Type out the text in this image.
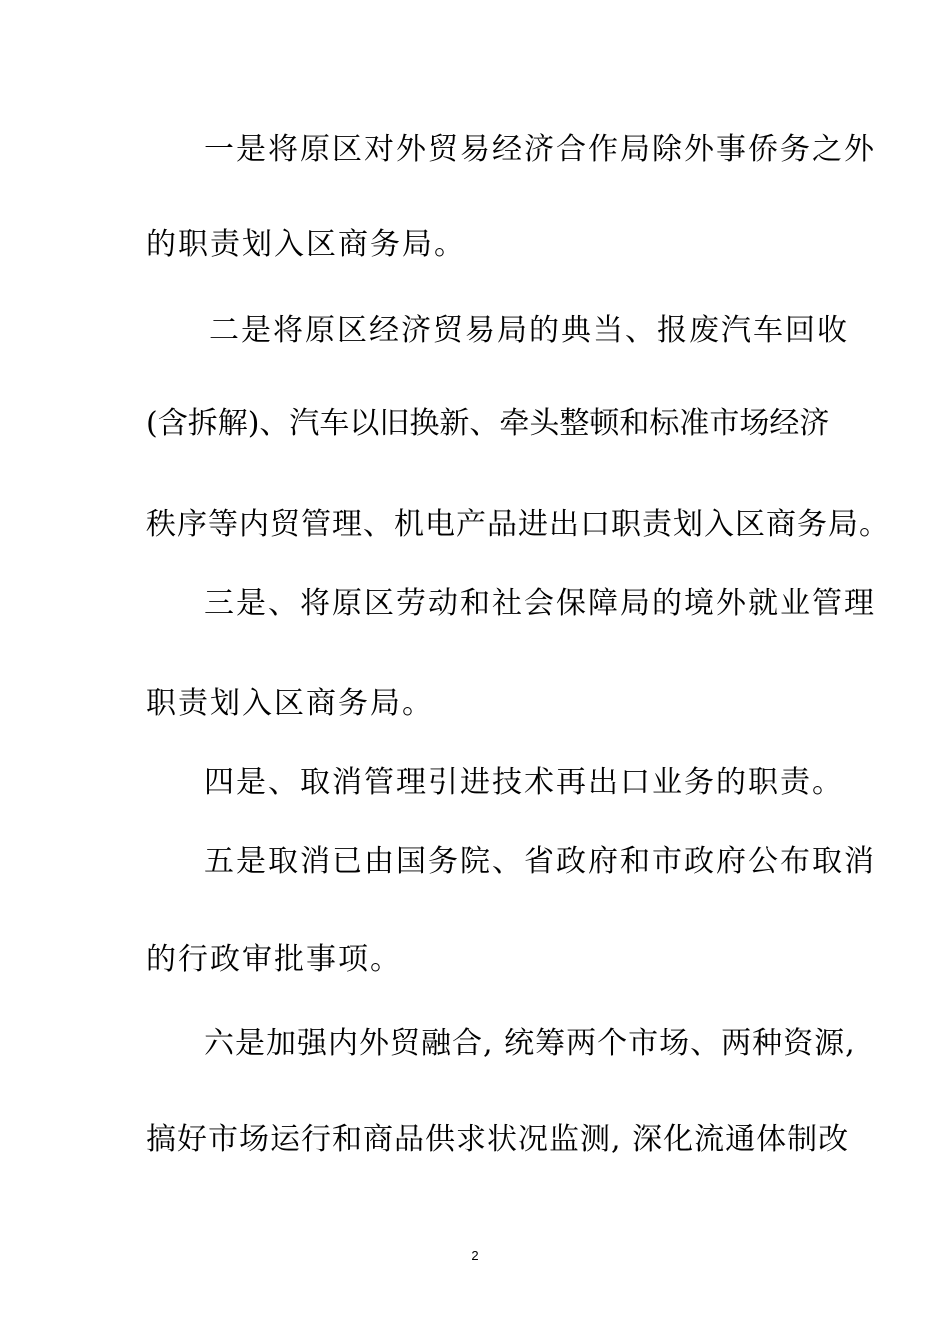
一是将原区对外贸易经济合作局除外事侨务之外
的职责划入区商务局。
二是将原区经济贸易局的典当、报废汽车回收
(含拆解)、汽车以旧换新、牵头整顿和标准市场经济
秩序等内贸管理、机电产品进出口职责划入区商务局。
三是、将原区劳动和社会保障局的境外就业管理
职责划入区商务局。
四是、取消管理引进技术再出口业务的职责。
五是取消已由国务院、省政府和市政府公布取消
的行政审批事项。
六是加强内外贸融合, 统筹两个市场、两种资源,
搞好市场运行和商品供求状况监测, 深化流通体制改
2
